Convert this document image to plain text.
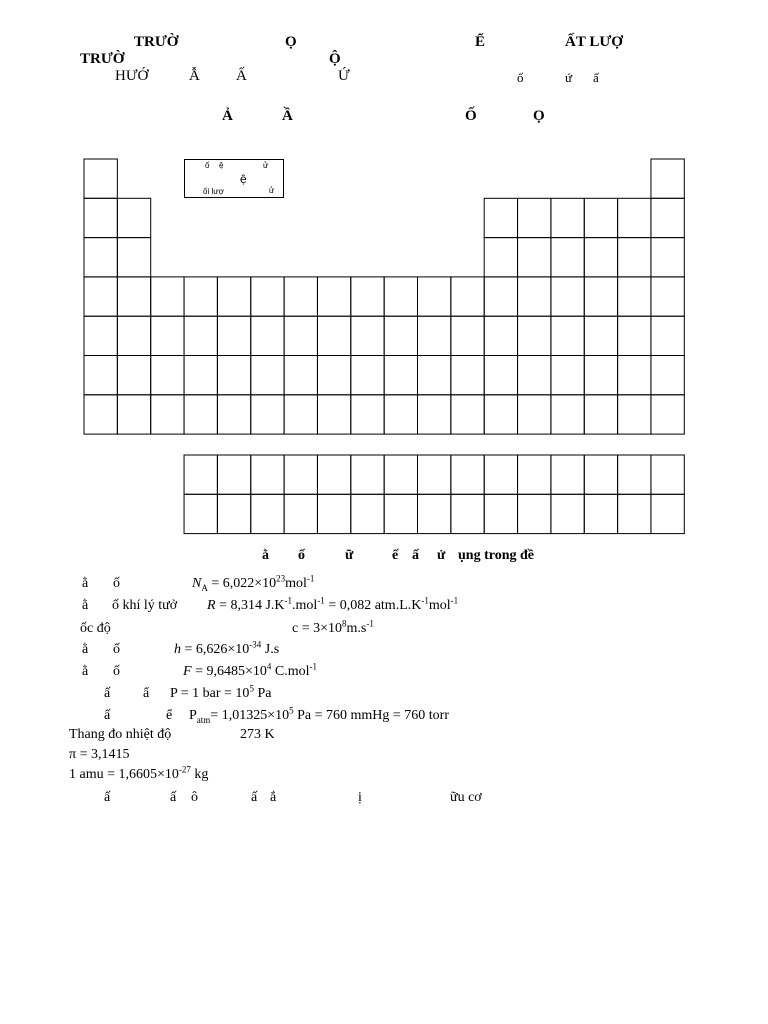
TRƯỜ	Ọ	Ể	ẤT LƯỢ
TRƯỜ	Ộ
HƯỚ	Ẫ Ấ	Ứ	ổ	ứ ấ
Ả	Ầ	Ố	Ọ
ố ệ	ử
ệ
ối lượ	ử
ằ ố	ữ	ế ấ ử ụng trong đề
ằ ố	$N_A = 6,022\times 10^{23}mol^{-1}$
ằ ố khí lý tưở R = 8,314 $J.K^{-1}.mol^{-1} = 0,082$ $atm.L.K^{-1}mol^{-1}$
ốc độ	$c = 3\times 10^8m.s^{-1}$
ằ ố	$h = 6,626\times 10^{-34}$ J.s
ằ ố	$F = 9,6485\times 10^4$ C.mol$^{-1}$
ấ ẩ P = 1 bar = $10^5$ Pa
ấ	ể $P_{atm}= 1,01325\times 10^5$ Pa = 760 mmHg = 760 torr
Thang đo nhiệt độ	273 K
π = 3,1415
1 amu = $1,6605\times 10^{-27}$ kg
ấ	ấ ô	ấ ắ	ị	ữu cơ
